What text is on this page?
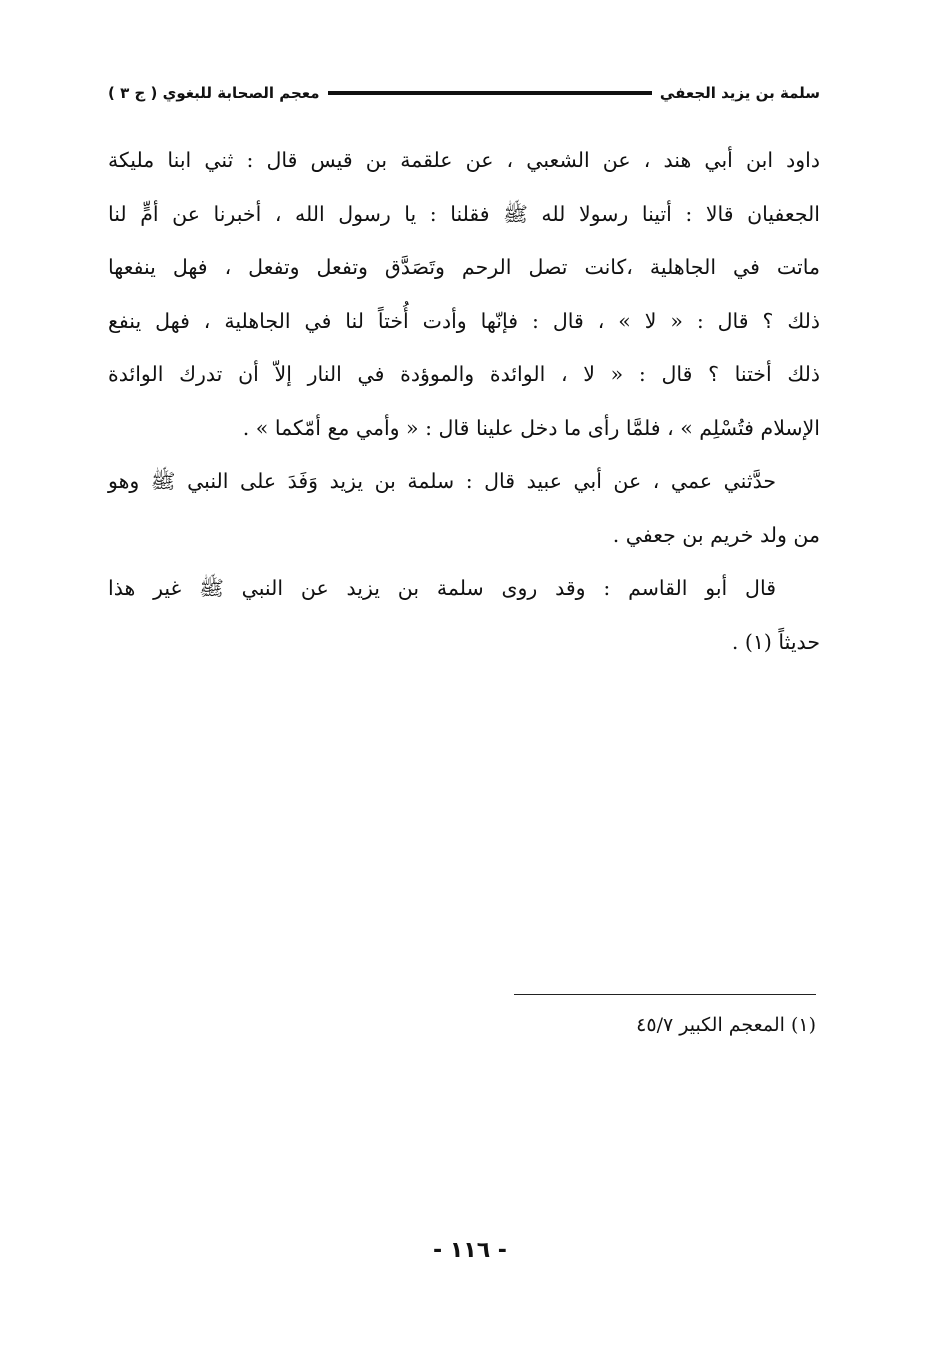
سلمة بن يزيد الجعفي
معجم الصحابة للبغوي ( ج ٣ )
داود ابن أبي هند ، عن الشعبي ، عن علقمة بن قيس قال : ثني ابنا مليكة
الجعفيان قالا : أتينا رسولا لله ﷺ فقلنا : يا رسول الله ، أخبرنا عن أمٍّ لنا
ماتت في الجاهلية ،كانت تصل الرحم وتَصَدَّق وتفعل وتفعل ، فهل ينفعها
ذلك ؟ قال : « لا » ، قال : فإنّها وأدت أُختاً لنا في الجاهلية ، فهل ينفع
ذلك أختنا ؟ قال : « لا ، الوائدة والموؤدة في النار إلاّ أن تدرك الوائدة
الإسلام فتُسْلِم » ، فلمَّا رأى ما دخل علينا قال : « وأمي مع أمّكما » .
حدَّثني عمي ، عن أبي عبيد قال : سلمة بن يزيد وَفَدَ على النبي ﷺ وهو
من ولد خريم بن جعفي .
قال أبو القاسم : وقد روى سلمة بن يزيد عن النبي ﷺ غير هذا
حديثاً (١) .
(١) المعجم الكبير ٤٥/٧
- ١١٦ -
